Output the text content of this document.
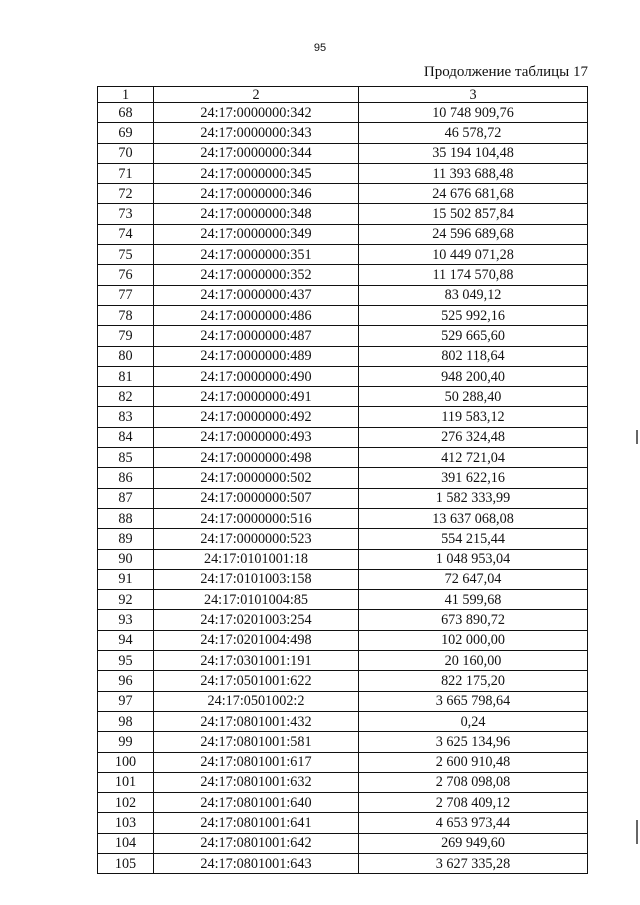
95
Продолжение таблицы 17
1	2	3
68	24:17:0000000:342	10 748 909,76
69	24:17:0000000:343	46 578,72
70	24:17:0000000:344	35 194 104,48
71	24:17:0000000:345	11 393 688,48
72	24:17:0000000:346	24 676 681,68
73	24:17:0000000:348	15 502 857,84
74	24:17:0000000:349	24 596 689,68
75	24:17:0000000:351	10 449 071,28
76	24:17:0000000:352	11 174 570,88
77	24:17:0000000:437	83 049,12
78	24:17:0000000:486	525 992,16
79	24:17:0000000:487	529 665,60
80	24:17:0000000:489	802 118,64
81	24:17:0000000:490	948 200,40
82	24:17:0000000:491	50 288,40
83	24:17:0000000:492	119 583,12
84	24:17:0000000:493	276 324,48
85	24:17:0000000:498	412 721,04
86	24:17:0000000:502	391 622,16
87	24:17:0000000:507	1 582 333,99
88	24:17:0000000:516	13 637 068,08
89	24:17:0000000:523	554 215,44
90	24:17:0101001:18	1 048 953,04
91	24:17:0101003:158	72 647,04
92	24:17:0101004:85	41 599,68
93	24:17:0201003:254	673 890,72
94	24:17:0201004:498	102 000,00
95	24:17:0301001:191	20 160,00
96	24:17:0501001:622	822 175,20
97	24:17:0501002:2	3 665 798,64
98	24:17:0801001:432	0,24
99	24:17:0801001:581	3 625 134,96
100	24:17:0801001:617	2 600 910,48
101	24:17:0801001:632	2 708 098,08
102	24:17:0801001:640	2 708 409,12
103	24:17:0801001:641	4 653 973,44
104	24:17:0801001:642	269 949,60
105	24:17:0801001:643	3 627 335,28
